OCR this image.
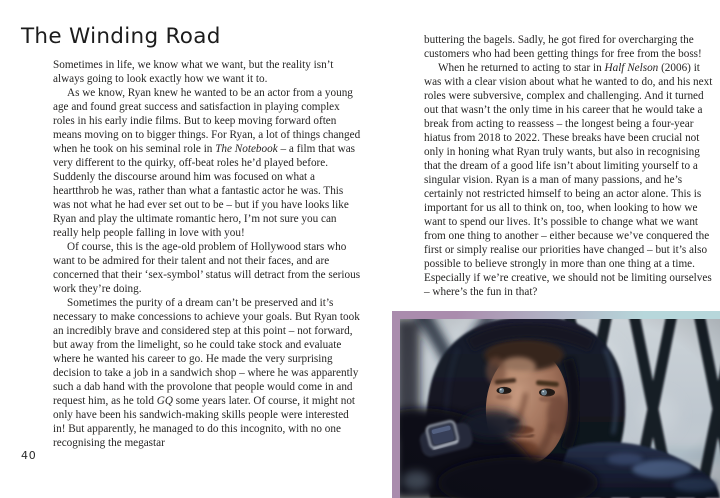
The Winding Road

Sometimes in life, we know what we want, but the reality isn’t always going to look exactly how we want it to.

As we know, Ryan knew he wanted to be an actor from a young age and found great success and satisfaction in playing complex roles in his early indie films. But to keep moving forward often means moving on to bigger things. For Ryan, a lot of things changed when he took on his seminal role in The Notebook – a film that was very different to the quirky, off-beat roles he’d played before. Suddenly the discourse around him was focused on what a heartthrob he was, rather than what a fantastic actor he was. This was not what he had ever set out to be – but if you have looks like Ryan and play the ultimate romantic hero, I’m not sure you can really help people falling in love with you!

Of course, this is the age-old problem of Hollywood stars who want to be admired for their talent and not their faces, and are concerned that their ‘sex-symbol’ status will detract from the serious work they’re doing.

Sometimes the purity of a dream can’t be preserved and it’s necessary to make concessions to achieve your goals. But Ryan took an incredibly brave and considered step at this point – not forward, but away from the limelight, so he could take stock and evaluate where he wanted his career to go. He made the very surprising decision to take a job in a sandwich shop – where he was apparently such a dab hand with the provolone that people would come in and request him, as he told GQ some years later. Of course, it might not only have been his sandwich-making skills people were interested in! But apparently, he managed to do this incognito, with no one recognising the megastar

buttering the bagels. Sadly, he got fired for overcharging the customers who had been getting things for free from the boss!

When he returned to acting to star in Half Nelson (2006) it was with a clear vision about what he wanted to do, and his next roles were subversive, complex and challenging. And it turned out that wasn’t the only time in his career that he would take a break from acting to reassess – the longest being a four-year hiatus from 2018 to 2022. These breaks have been crucial not only in honing what Ryan truly wants, but also in recognising that the dream of a good life isn’t about limiting yourself to a singular vision. Ryan is a man of many passions, and he’s certainly not restricted himself to being an actor alone. This is important for us all to think on, too, when looking to how we want to spend our lives. It’s possible to change what we want from one thing to another – either because we’ve conquered the first or simply realise our priorities have changed – but it’s also possible to believe strongly in more than one thing at a time. Especially if we’re creative, we should not be limiting ourselves – where’s the fun in that?

40
